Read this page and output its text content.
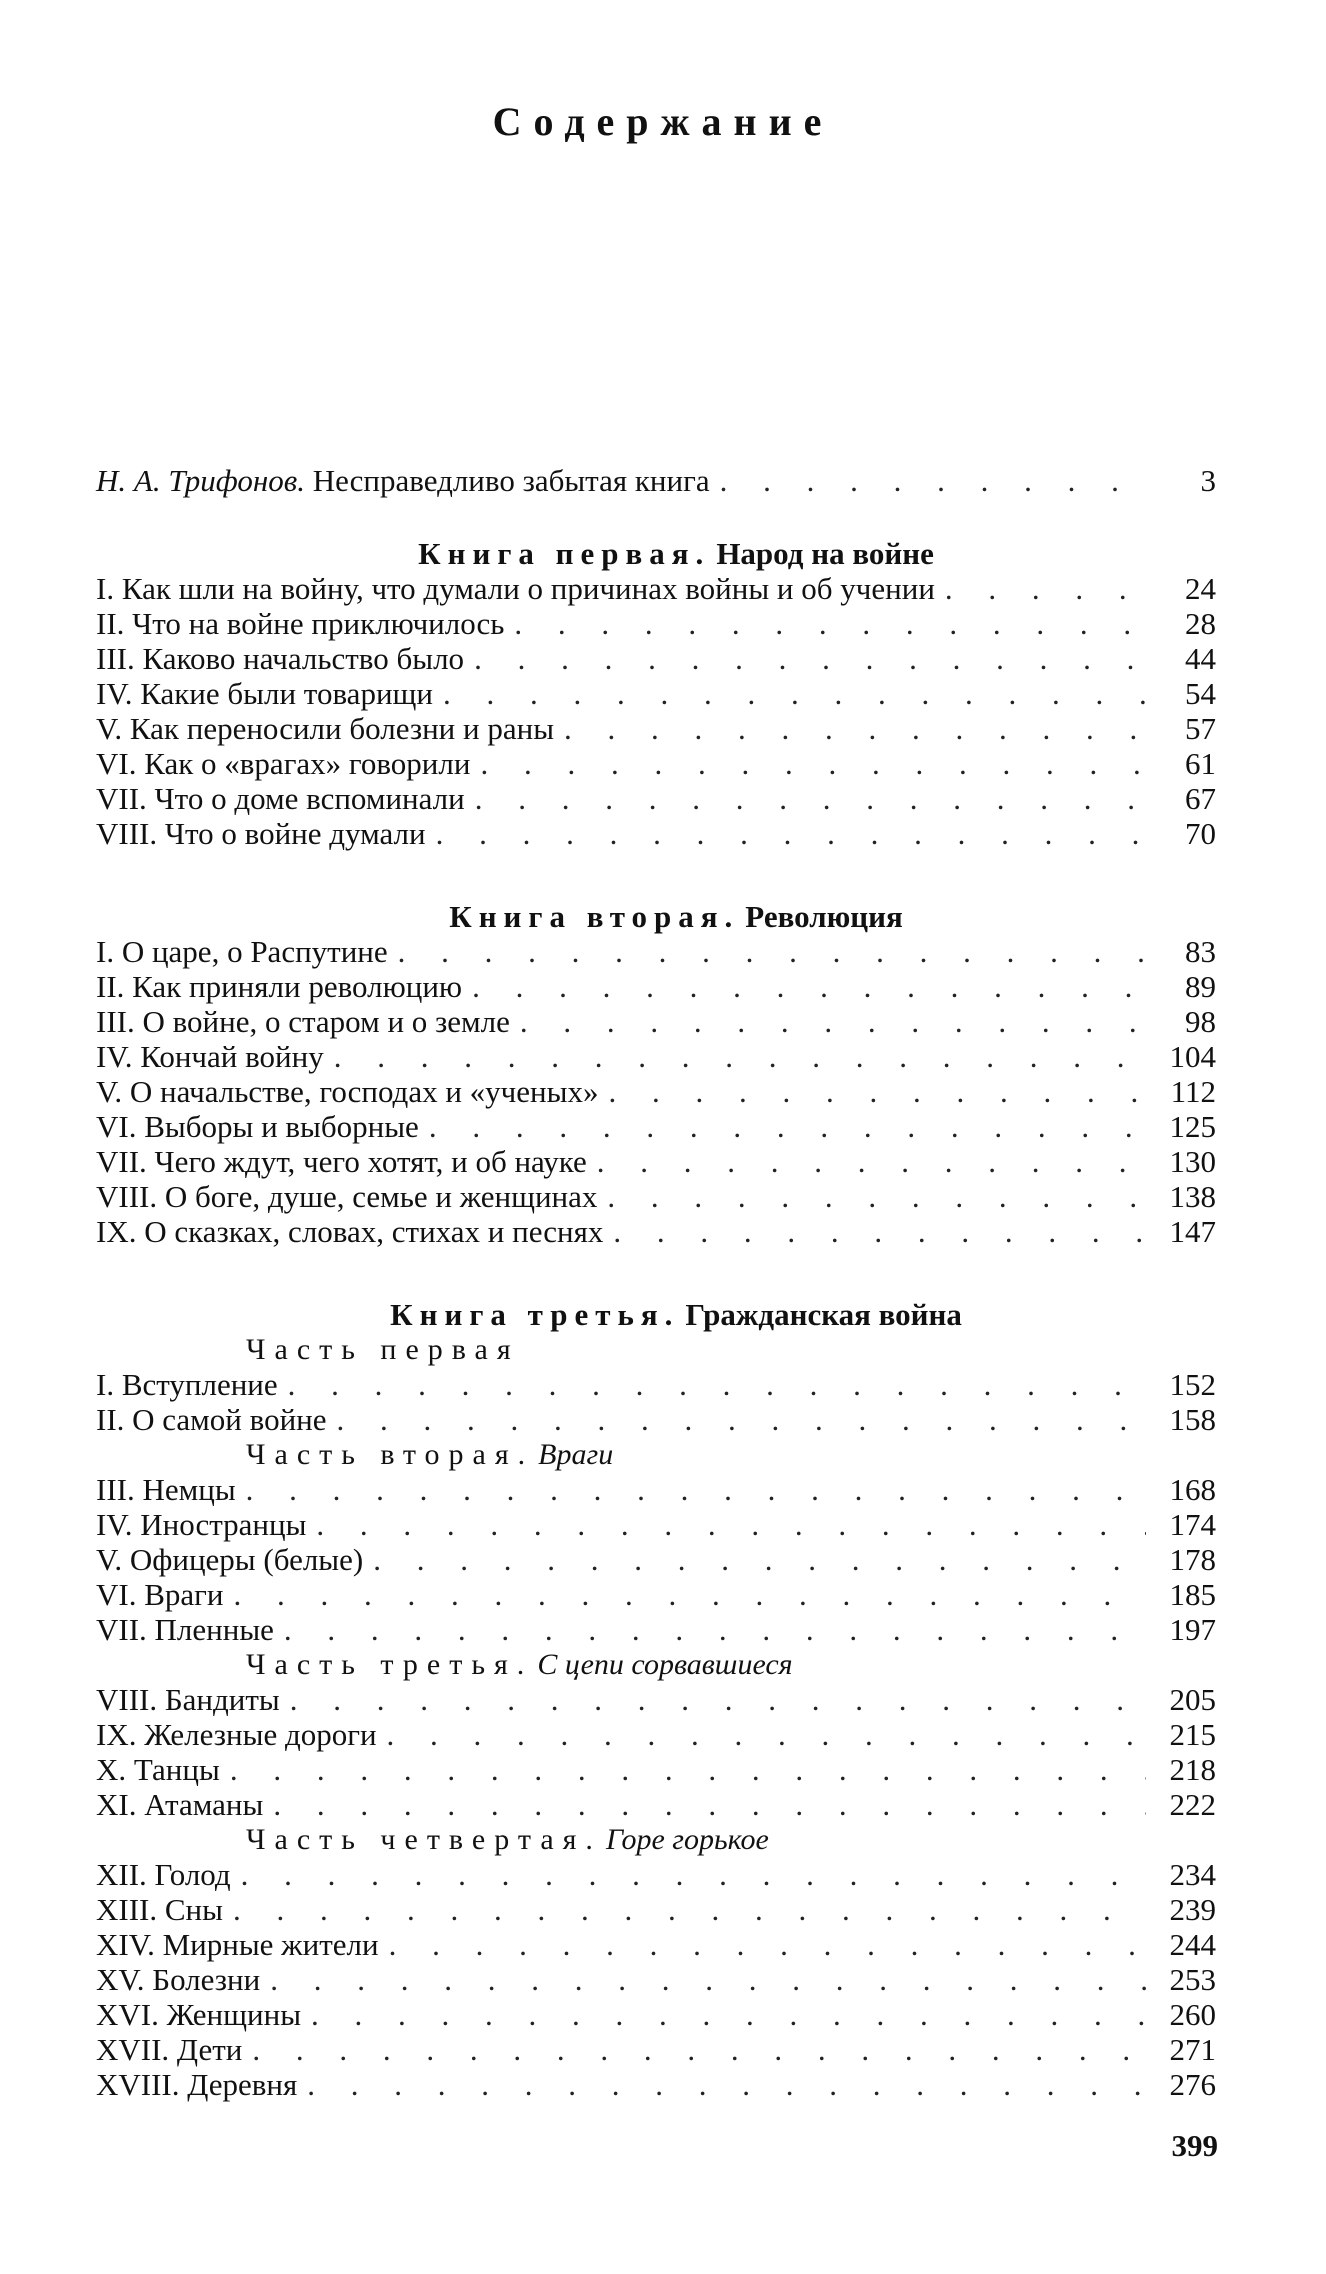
Содержание
Н. А. Трифонов. Несправедливо забытая книга . . .	3
Книга первая. Народ на войне
I. Как шли на войну, что думали о причинах войны и об учении . . .	24
II. Что на войне приключилось . . .	28
III. Каково начальство было . . .	44
IV. Какие были товарищи . . .	54
V. Как переносили болезни и раны . . .	57
VI. Как о «врагах» говорили . . .	61
VII. Что о доме вспоминали . . .	67
VIII. Что о войне думали . . .	70
Книга вторая. Революция
I. О царе, о Распутине . . .	83
II. Как приняли революцию . . .	89
III. О войне, о старом и о земле . . .	98
IV. Кончай войну . . .	104
V. О начальстве, господах и «ученых» . . .	112
VI. Выборы и выборные . . .	125
VII. Чего ждут, чего хотят, и об науке . . .	130
VIII. О боге, душе, семье и женщинах . . .	138
IX. О сказках, словах, стихах и песнях . . .	147
Книга третья. Гражданская война
Часть первая
I. Вступление . . .	152
II. О самой войне . . .	158
Часть вторая. Враги
III. Немцы . . .	168
IV. Иностранцы . . .	174
V. Офицеры (белые) . . .	178
VI. Враги . . .	185
VII. Пленные . . .	197
Часть третья. С цепи сорвавшиеся
VIII. Бандиты . . .	205
IX. Железные дороги . . .	215
X. Танцы . . .	218
XI. Атаманы . . .	222
Часть четвертая. Горе горькое
XII. Голод . . .	234
XIII. Сны . . .	239
XIV. Мирные жители . . .	244
XV. Болезни . . .	253
XVI. Женщины . . .	260
XVII. Дети . . .	271
XVIII. Деревня . . .	276
399
